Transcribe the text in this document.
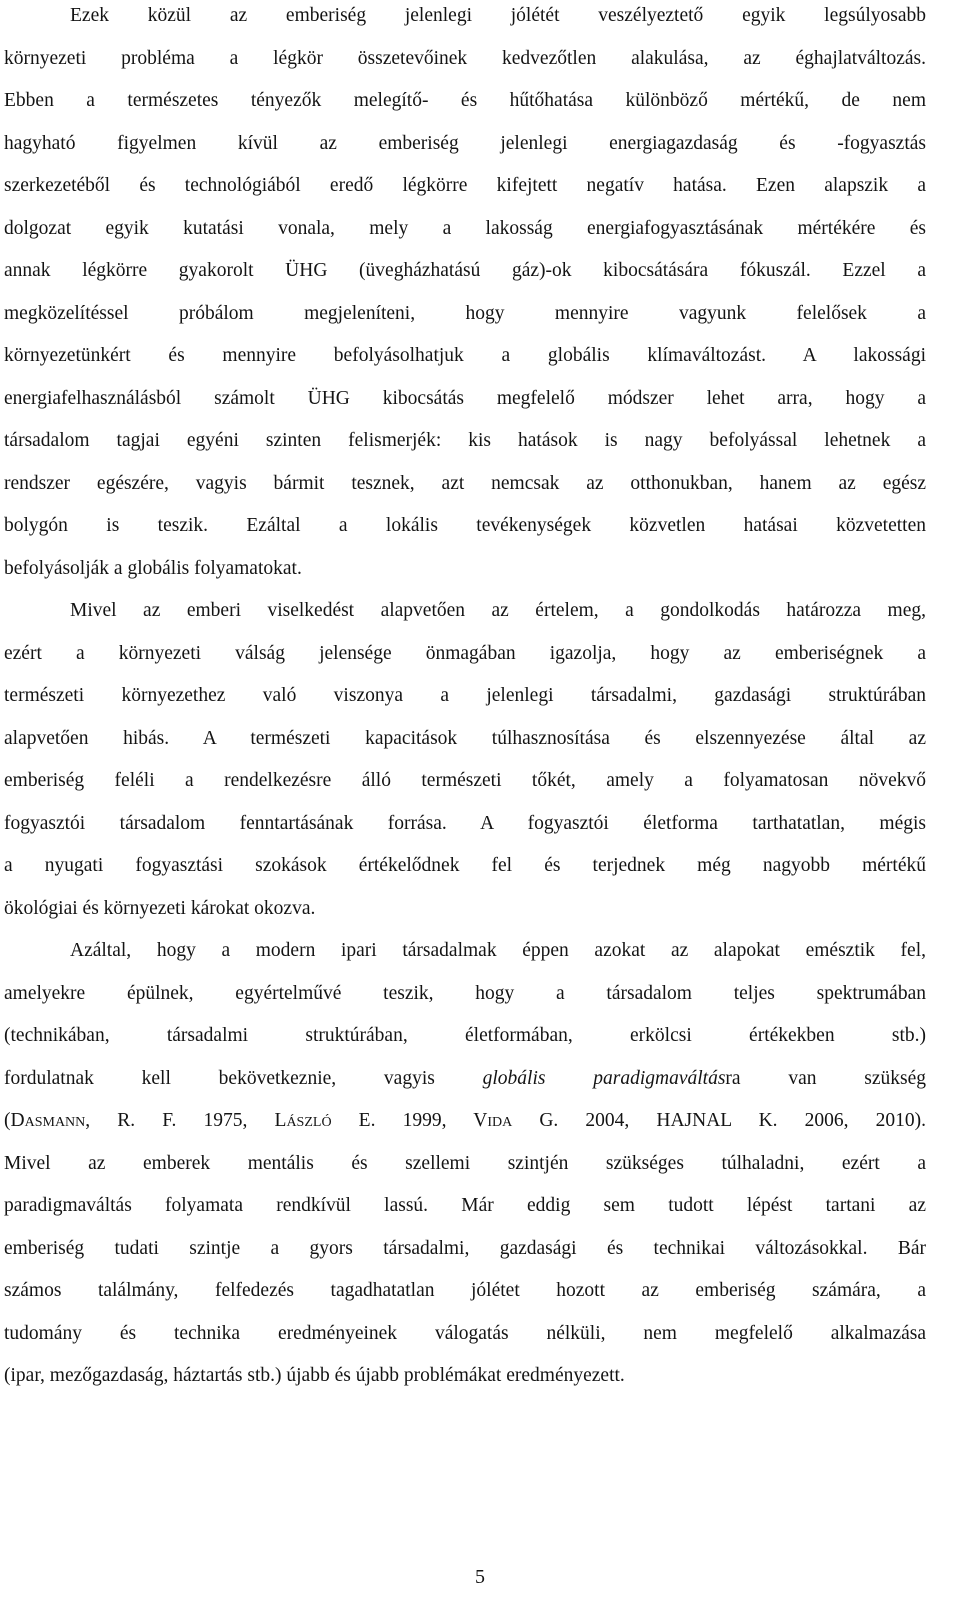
Ezek közül az emberiség jelenlegi jólétét veszélyeztető egyik legsúlyosabb
környezeti probléma a légkör összetevőinek kedvezőtlen alakulása, az éghajlatváltozás.
Ebben a természetes tényezők melegítő- és hűtőhatása különböző mértékű, de nem
hagyható figyelmen kívül az emberiség jelenlegi energiagazdaság és -fogyasztás
szerkezetéből és technológiából eredő légkörre kifejtett negatív hatása. Ezen alapszik a
dolgozat egyik kutatási vonala, mely a lakosság energiafogyasztásának mértékére és
annak légkörre gyakorolt ÜHG (üvegházhatású gáz)-ok kibocsátására fókuszál. Ezzel a
megközelítéssel próbálom megjeleníteni, hogy mennyire vagyunk felelősek a
környezetünkért és mennyire befolyásolhatjuk a globális klímaváltozást. A lakossági
energiafelhasználásból számolt ÜHG kibocsátás megfelelő módszer lehet arra, hogy a
társadalom tagjai egyéni szinten felismerjék: kis hatások is nagy befolyással lehetnek a
rendszer egészére, vagyis bármit tesznek, azt nemcsak az otthonukban, hanem az egész
bolygón is teszik. Ezáltal a lokális tevékenységek közvetlen hatásai közvetetten
befolyásolják a globális folyamatokat.
Mivel az emberi viselkedést alapvetően az értelem, a gondolkodás határozza meg,
ezért a környezeti válság jelensége önmagában igazolja, hogy az emberiségnek a
természeti környezethez való viszonya a jelenlegi társadalmi, gazdasági struktúrában
alapvetően hibás. A természeti kapacitások túlhasznosítása és elszennyezése által az
emberiség feléli a rendelkezésre álló természeti tőkét, amely a folyamatosan növekvő
fogyasztói társadalom fenntartásának forrása. A fogyasztói életforma tarthatatlan, mégis
a nyugati fogyasztási szokások értékelődnek fel és terjednek még nagyobb mértékű
ökológiai és környezeti károkat okozva.
Azáltal, hogy a modern ipari társadalmak éppen azokat az alapokat emésztik fel,
amelyekre épülnek, egyértelművé teszik, hogy a társadalom teljes spektrumában
(technikában, társadalmi struktúrában, életformában, erkölcsi értékekben stb.)
fordulatnak kell bekövetkeznie, vagyis globális paradigmaváltásra van szükség
(Dasmann, R. F. 1975, László E. 1999, Vida G. 2004, HAJNAL K. 2006, 2010).
Mivel az emberek mentális és szellemi szintjén szükséges túlhaladni, ezért a
paradigmaváltás folyamata rendkívül lassú. Már eddig sem tudott lépést tartani az
emberiség tudati szintje a gyors társadalmi, gazdasági és technikai változásokkal. Bár
számos találmány, felfedezés tagadhatatlan jólétet hozott az emberiség számára, a
tudomány és technika eredményeinek válogatás nélküli, nem megfelelő alkalmazása
(ipar, mezőgazdaság, háztartás stb.) újabb és újabb problémákat eredményezett.
5
